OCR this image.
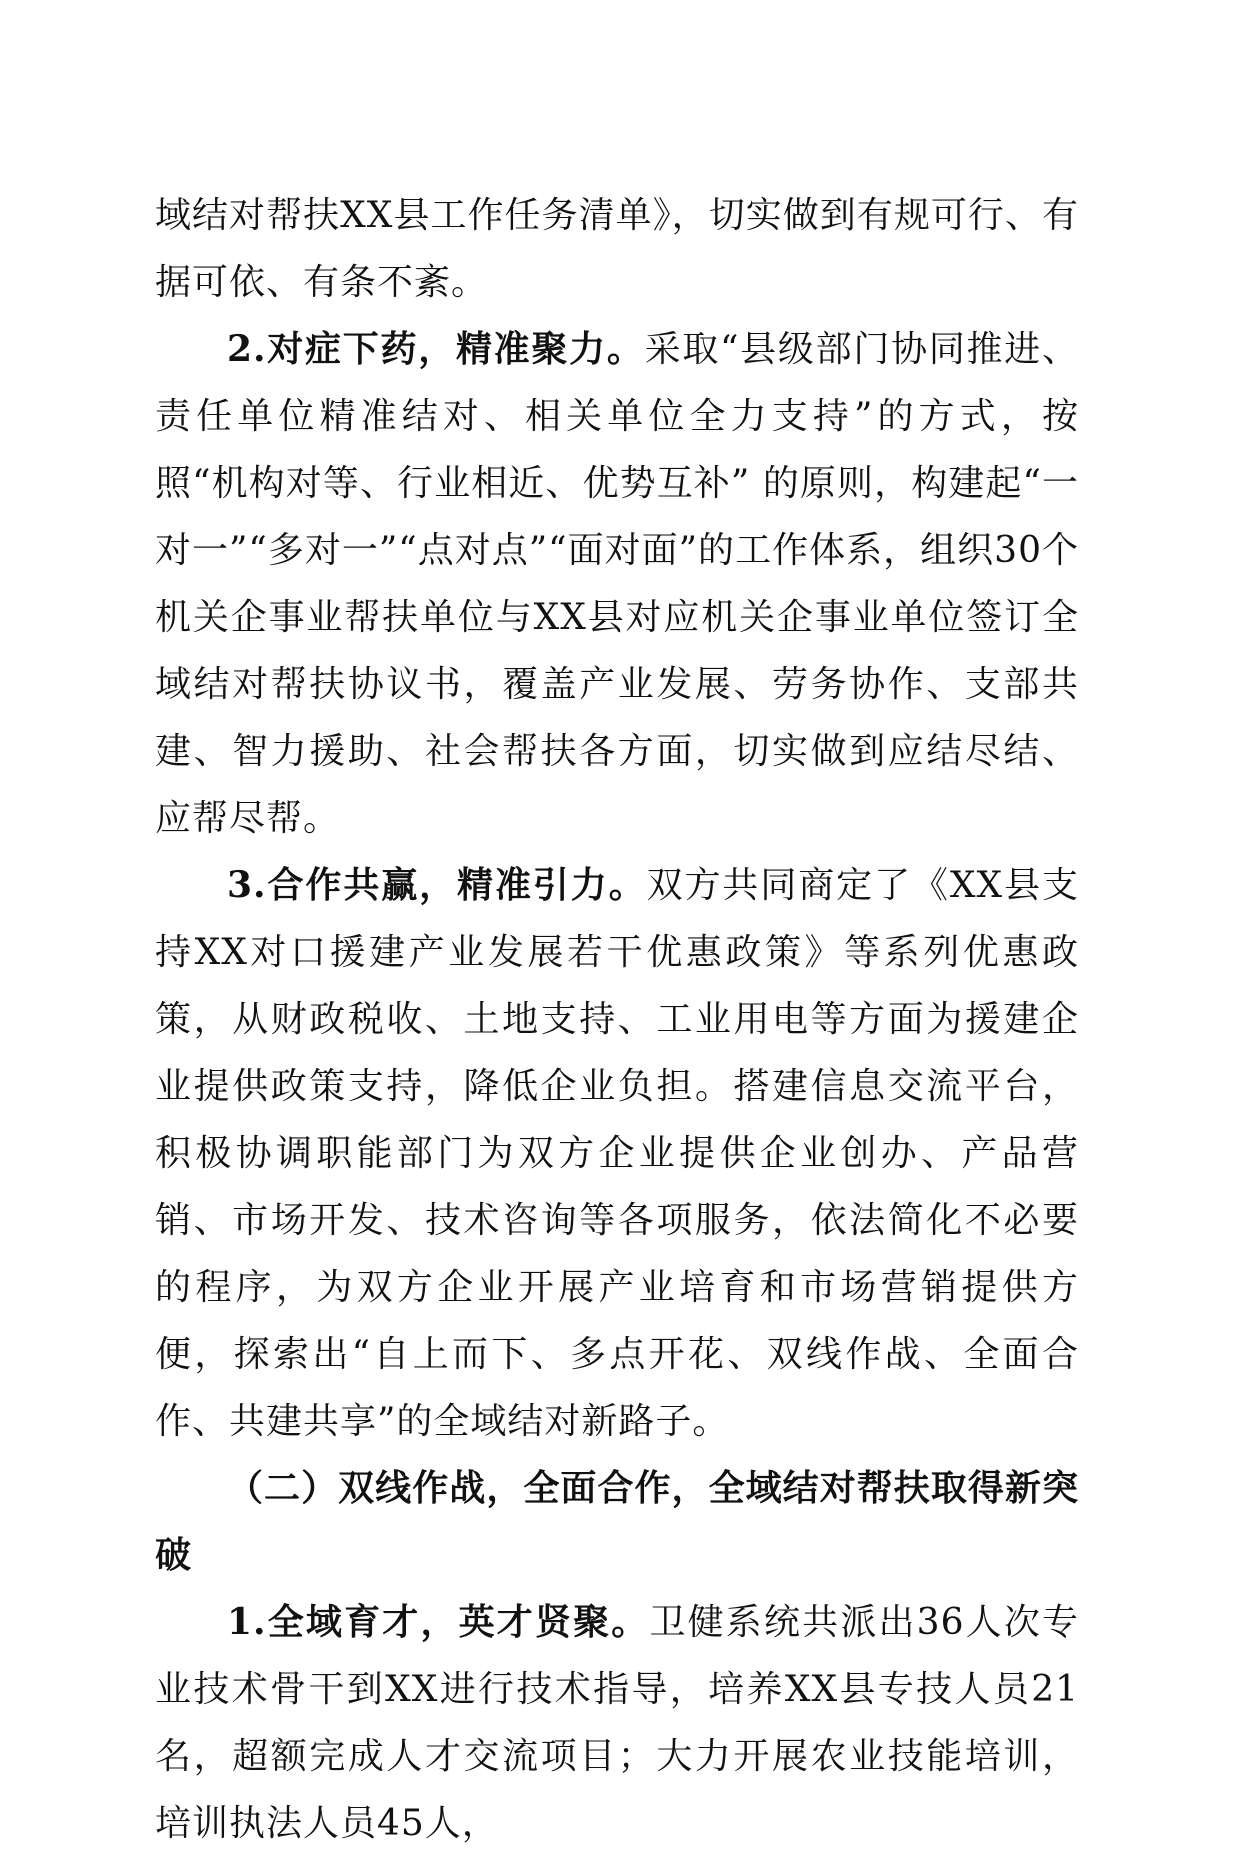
域结对帮扶XX县工作任务清单》，切实做到有规可行、有据可依、有条不紊。

2.对症下药，精准聚力。采取“县级部门协同推进、责任单位精准结对、相关单位全力支持”的方式，按照“机构对等、行业相近、优势互补” 的原则，构建起“一对一”“多对一”“点对点”“面对面”的工作体系，组织30个机关企事业帮扶单位与XX县对应机关企事业单位签订全域结对帮扶协议书，覆盖产业发展、劳务协作、支部共建、智力援助、社会帮扶各方面，切实做到应结尽结、应帮尽帮。

3.合作共赢，精准引力。双方共同商定了《XX县支持XX对口援建产业发展若干优惠政策》等系列优惠政策，从财政税收、土地支持、工业用电等方面为援建企业提供政策支持，降低企业负担。搭建信息交流平台，积极协调职能部门为双方企业提供企业创办、产品营销、市场开发、技术咨询等各项服务，依法简化不必要的程序，为双方企业开展产业培育和市场营销提供方便，探索出“自上而下、多点开花、双线作战、全面合作、共建共享”的全域结对新路子。

（二）双线作战，全面合作，全域结对帮扶取得新突破

1.全域育才，英才贤聚。卫健系统共派出36人次专业技术骨干到XX进行技术指导，培养XX县专技人员21名，超额完成人才交流项目；大力开展农业技能培训，培训执法人员45人，
